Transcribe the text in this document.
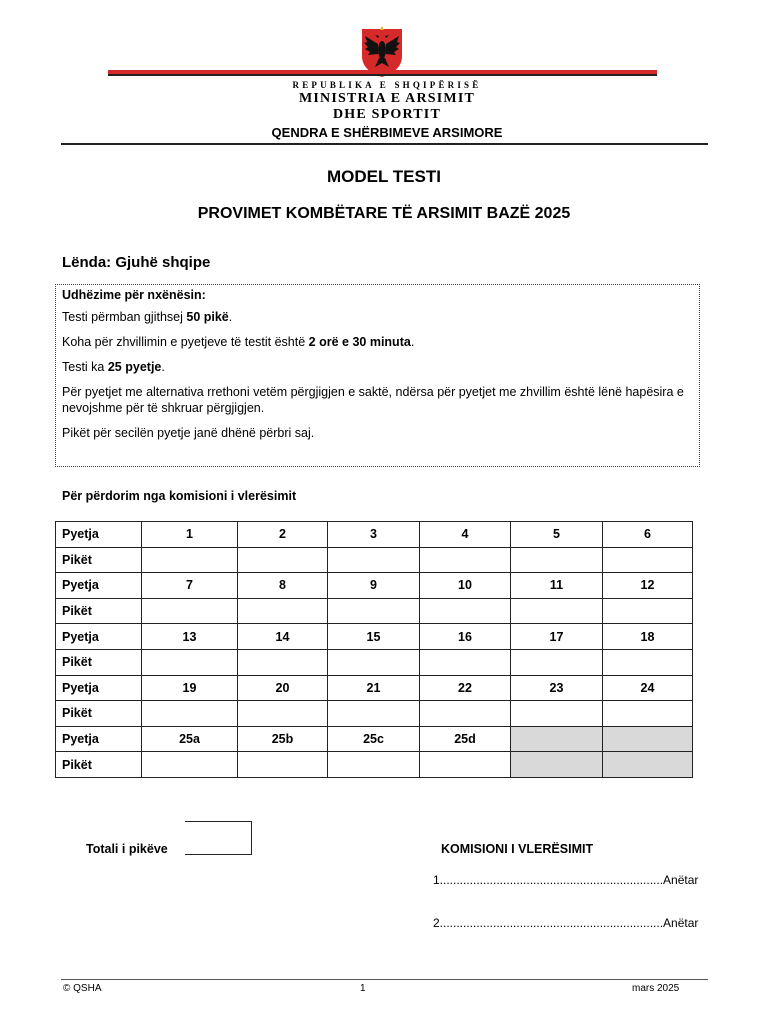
REPUBLIKA E SHQIPËRISË
MINISTRIA E ARSIMIT
DHE SPORTIT
QENDRA E SHËRBIMEVE ARSIMORE
MODEL TESTI
PROVIMET KOMBËTARE TË ARSIMIT BAZË 2025
Lënda: Gjuhë shqipe
Udhëzime për nxënësin:

Testi përmban gjithsej 50 pikë.

Koha për zhvillimin e pyetjeve të testit është 2 orë e 30 minuta.

Testi ka 25 pyetje.

Për pyetjet me alternativa rrethoni vetëm përgjigjen e saktë, ndërsa për pyetjet me zhvillim është lënë hapësira e nevojshme për të shkruar përgjigjen.

Pikët për secilën pyetje janë dhënë përbri saj.

Për përdorim nga komisioni i vlerësimit
Pyetja	1	2	3	4	5	6
Pikët						
Pyetja	7	8	9	10	11	12
Pikët						
Pyetja	13	14	15	16	17	18
Pikët						
Pyetja	19	20	21	22	23	24
Pikët						
Pyetja	25a	25b	25c	25d		
Pikët						
Totali i pikëve	KOMISIONI I VLERËSIMIT
1...................................................................Anëtar
2...................................................................Anëtar
© QSHA	1	mars 2025
